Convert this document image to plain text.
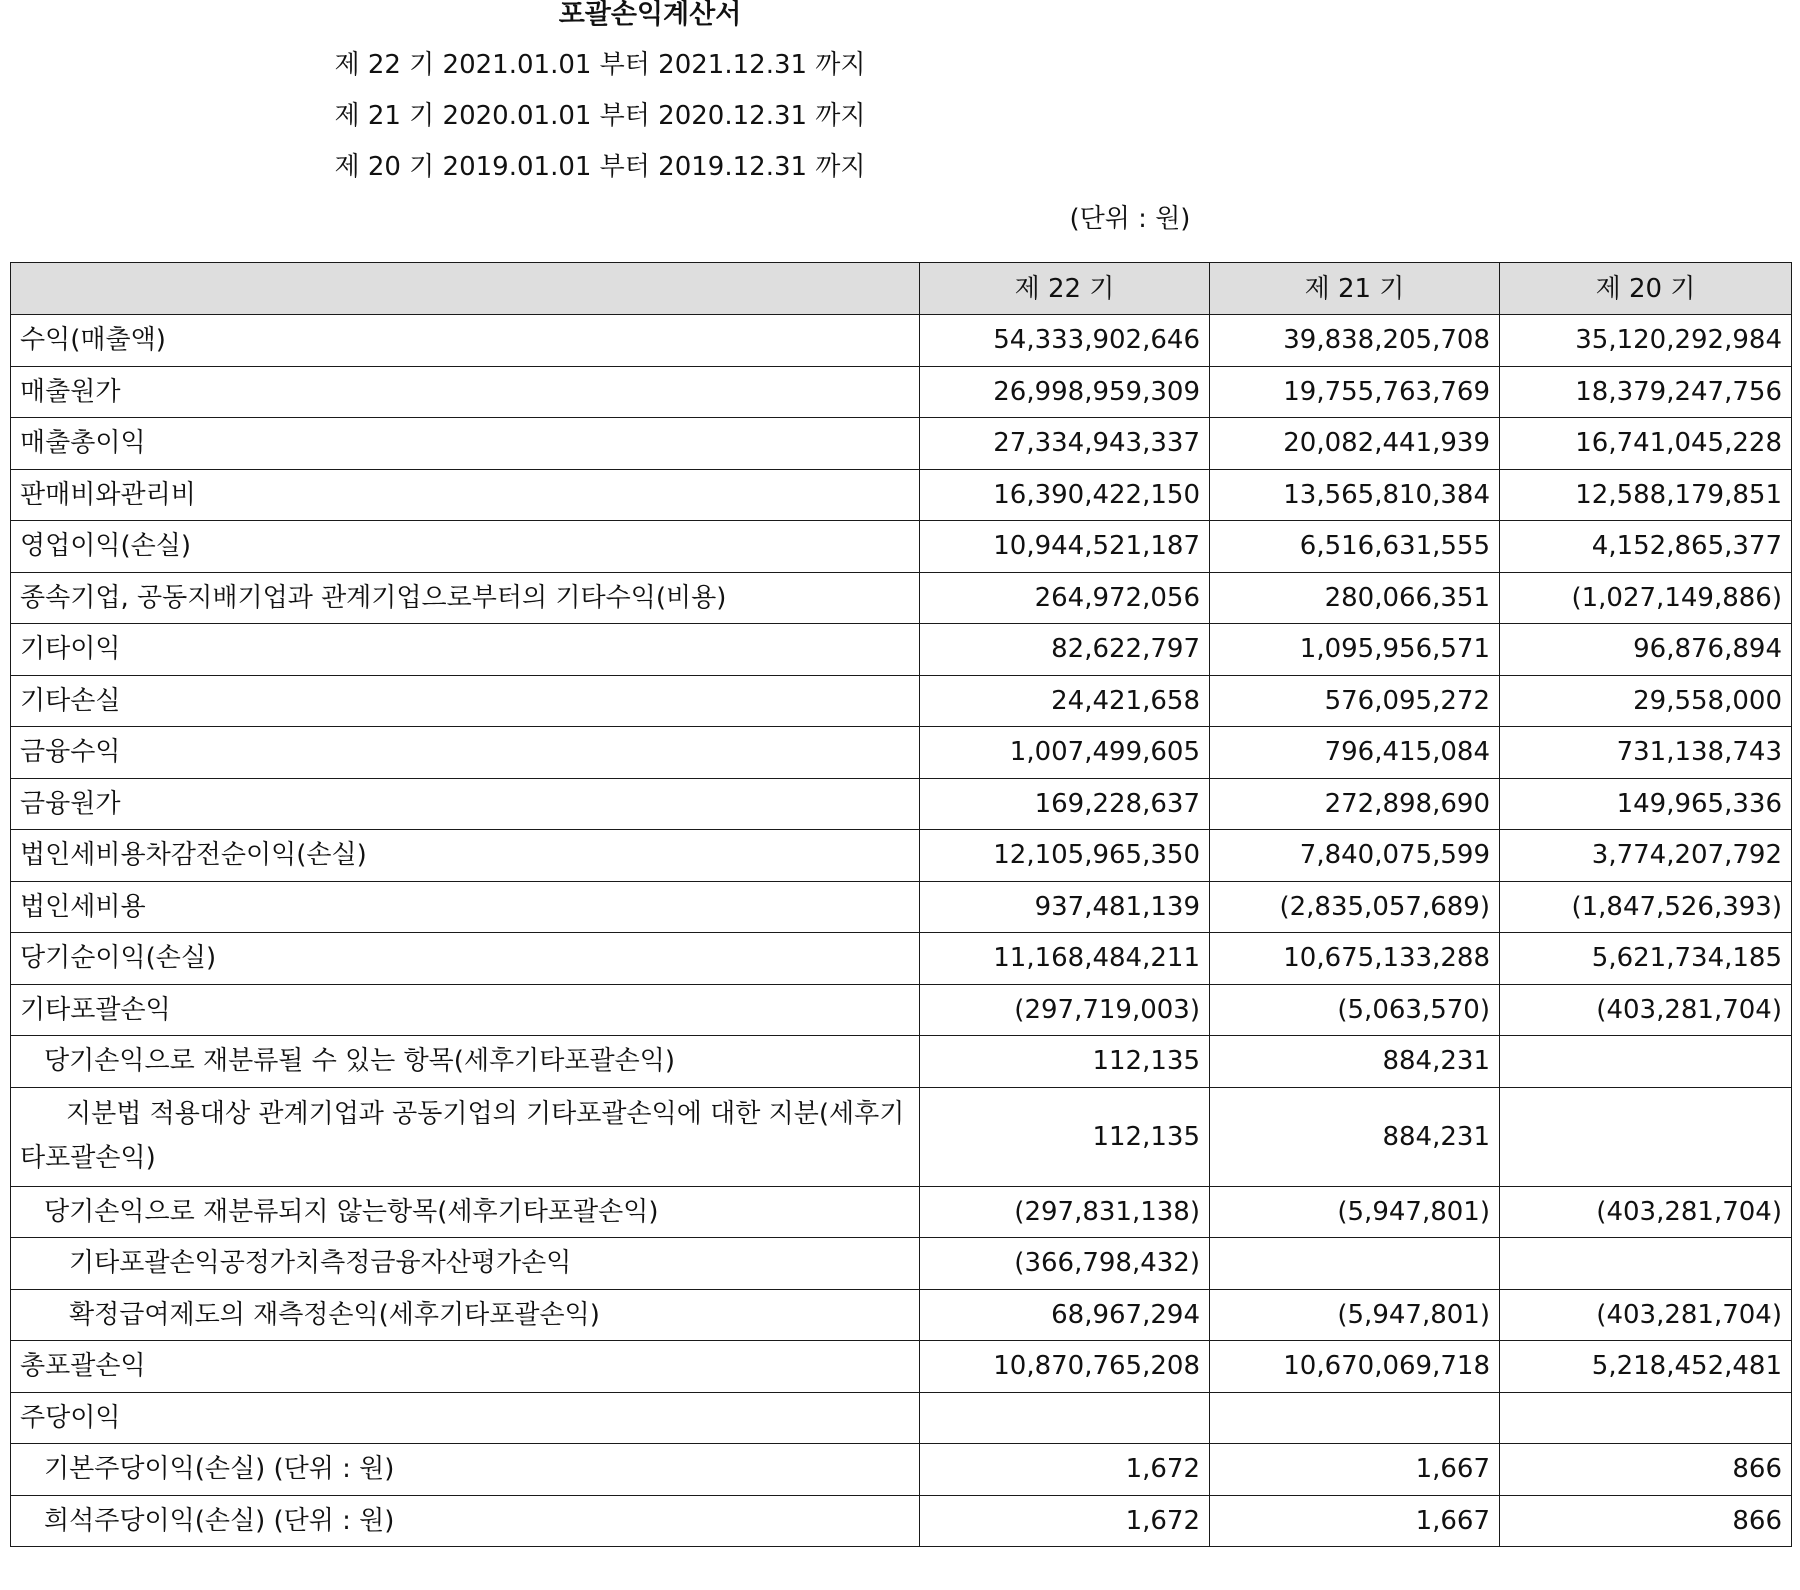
포괄손익계산서
제 22 기 2021.01.01 부터 2021.12.31 까지
제 21 기 2020.01.01 부터 2020.12.31 까지
제 20 기 2019.01.01 부터 2019.12.31 까지
(단위 : 원)
	제 22 기	제 21 기	제 20 기
수익(매출액)	54,333,902,646	39,838,205,708	35,120,292,984
매출원가	26,998,959,309	19,755,763,769	18,379,247,756
매출총이익	27,334,943,337	20,082,441,939	16,741,045,228
판매비와관리비	16,390,422,150	13,565,810,384	12,588,179,851
영업이익(손실)	10,944,521,187	6,516,631,555	4,152,865,377
종속기업, 공동지배기업과 관계기업으로부터의 기타수익(비용)	264,972,056	280,066,351	(1,027,149,886)
기타이익	82,622,797	1,095,956,571	96,876,894
기타손실	24,421,658	576,095,272	29,558,000
금융수익	1,007,499,605	796,415,084	731,138,743
금융원가	169,228,637	272,898,690	149,965,336
법인세비용차감전순이익(손실)	12,105,965,350	7,840,075,599	3,774,207,792
법인세비용	937,481,139	(2,835,057,689)	(1,847,526,393)
당기순이익(손실)	11,168,484,211	10,675,133,288	5,621,734,185
기타포괄손익	(297,719,003)	(5,063,570)	(403,281,704)
당기손익으로 재분류될 수 있는 항목(세후기타포괄손익)	112,135	884,231	
지분법 적용대상 관계기업과 공동기업의 기타포괄손익에 대한 지분(세후기타포괄손익)	112,135	884,231	
당기손익으로 재분류되지 않는항목(세후기타포괄손익)	(297,831,138)	(5,947,801)	(403,281,704)
기타포괄손익공정가치측정금융자산평가손익	(366,798,432)		
확정급여제도의 재측정손익(세후기타포괄손익)	68,967,294	(5,947,801)	(403,281,704)
총포괄손익	10,870,765,208	10,670,069,718	5,218,452,481
주당이익			
기본주당이익(손실) (단위 : 원)	1,672	1,667	866
희석주당이익(손실) (단위 : 원)	1,672	1,667	866
